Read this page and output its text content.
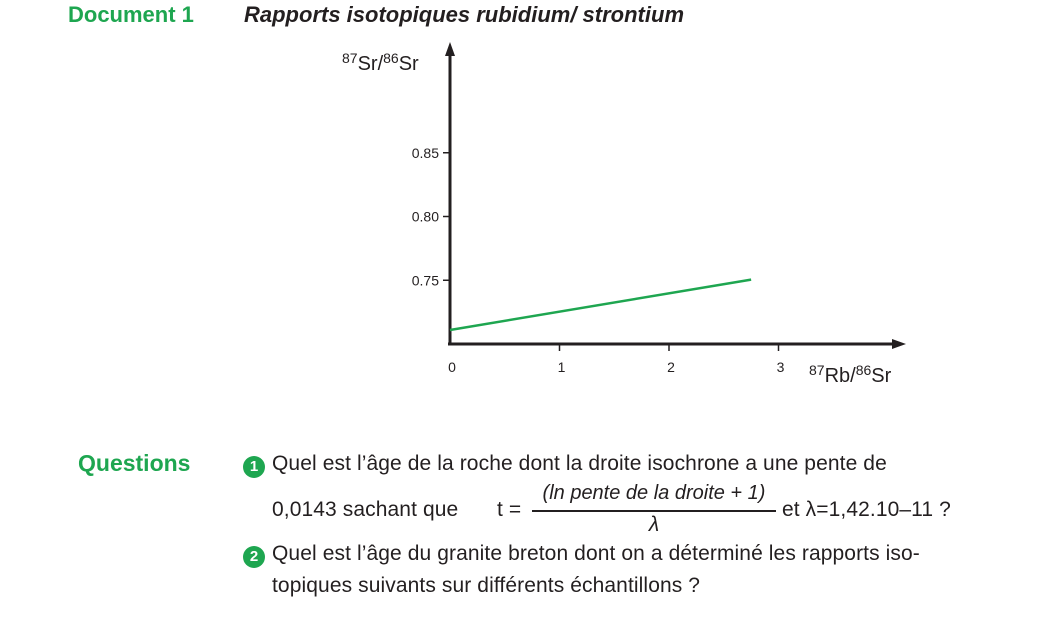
Document 1 Rapports isotopiques rubidium/ strontium
0.75
0.80
0.85
0	1	2	3
$^{87}$Sr/$^{86}$Sr
$^{87}$Rb/$^{86}$Sr
Questions	1 Quel est l’âge de la roche dont la droite isochrone a une pente de
0,0143 sachant que t =
(ln pente de la droite + 1)
λ
et λ=1,42.10–11 ?
2 Quel est l’âge du granite breton dont on a déterminé les rapports iso-
topiques suivants sur différents échantillons ?
